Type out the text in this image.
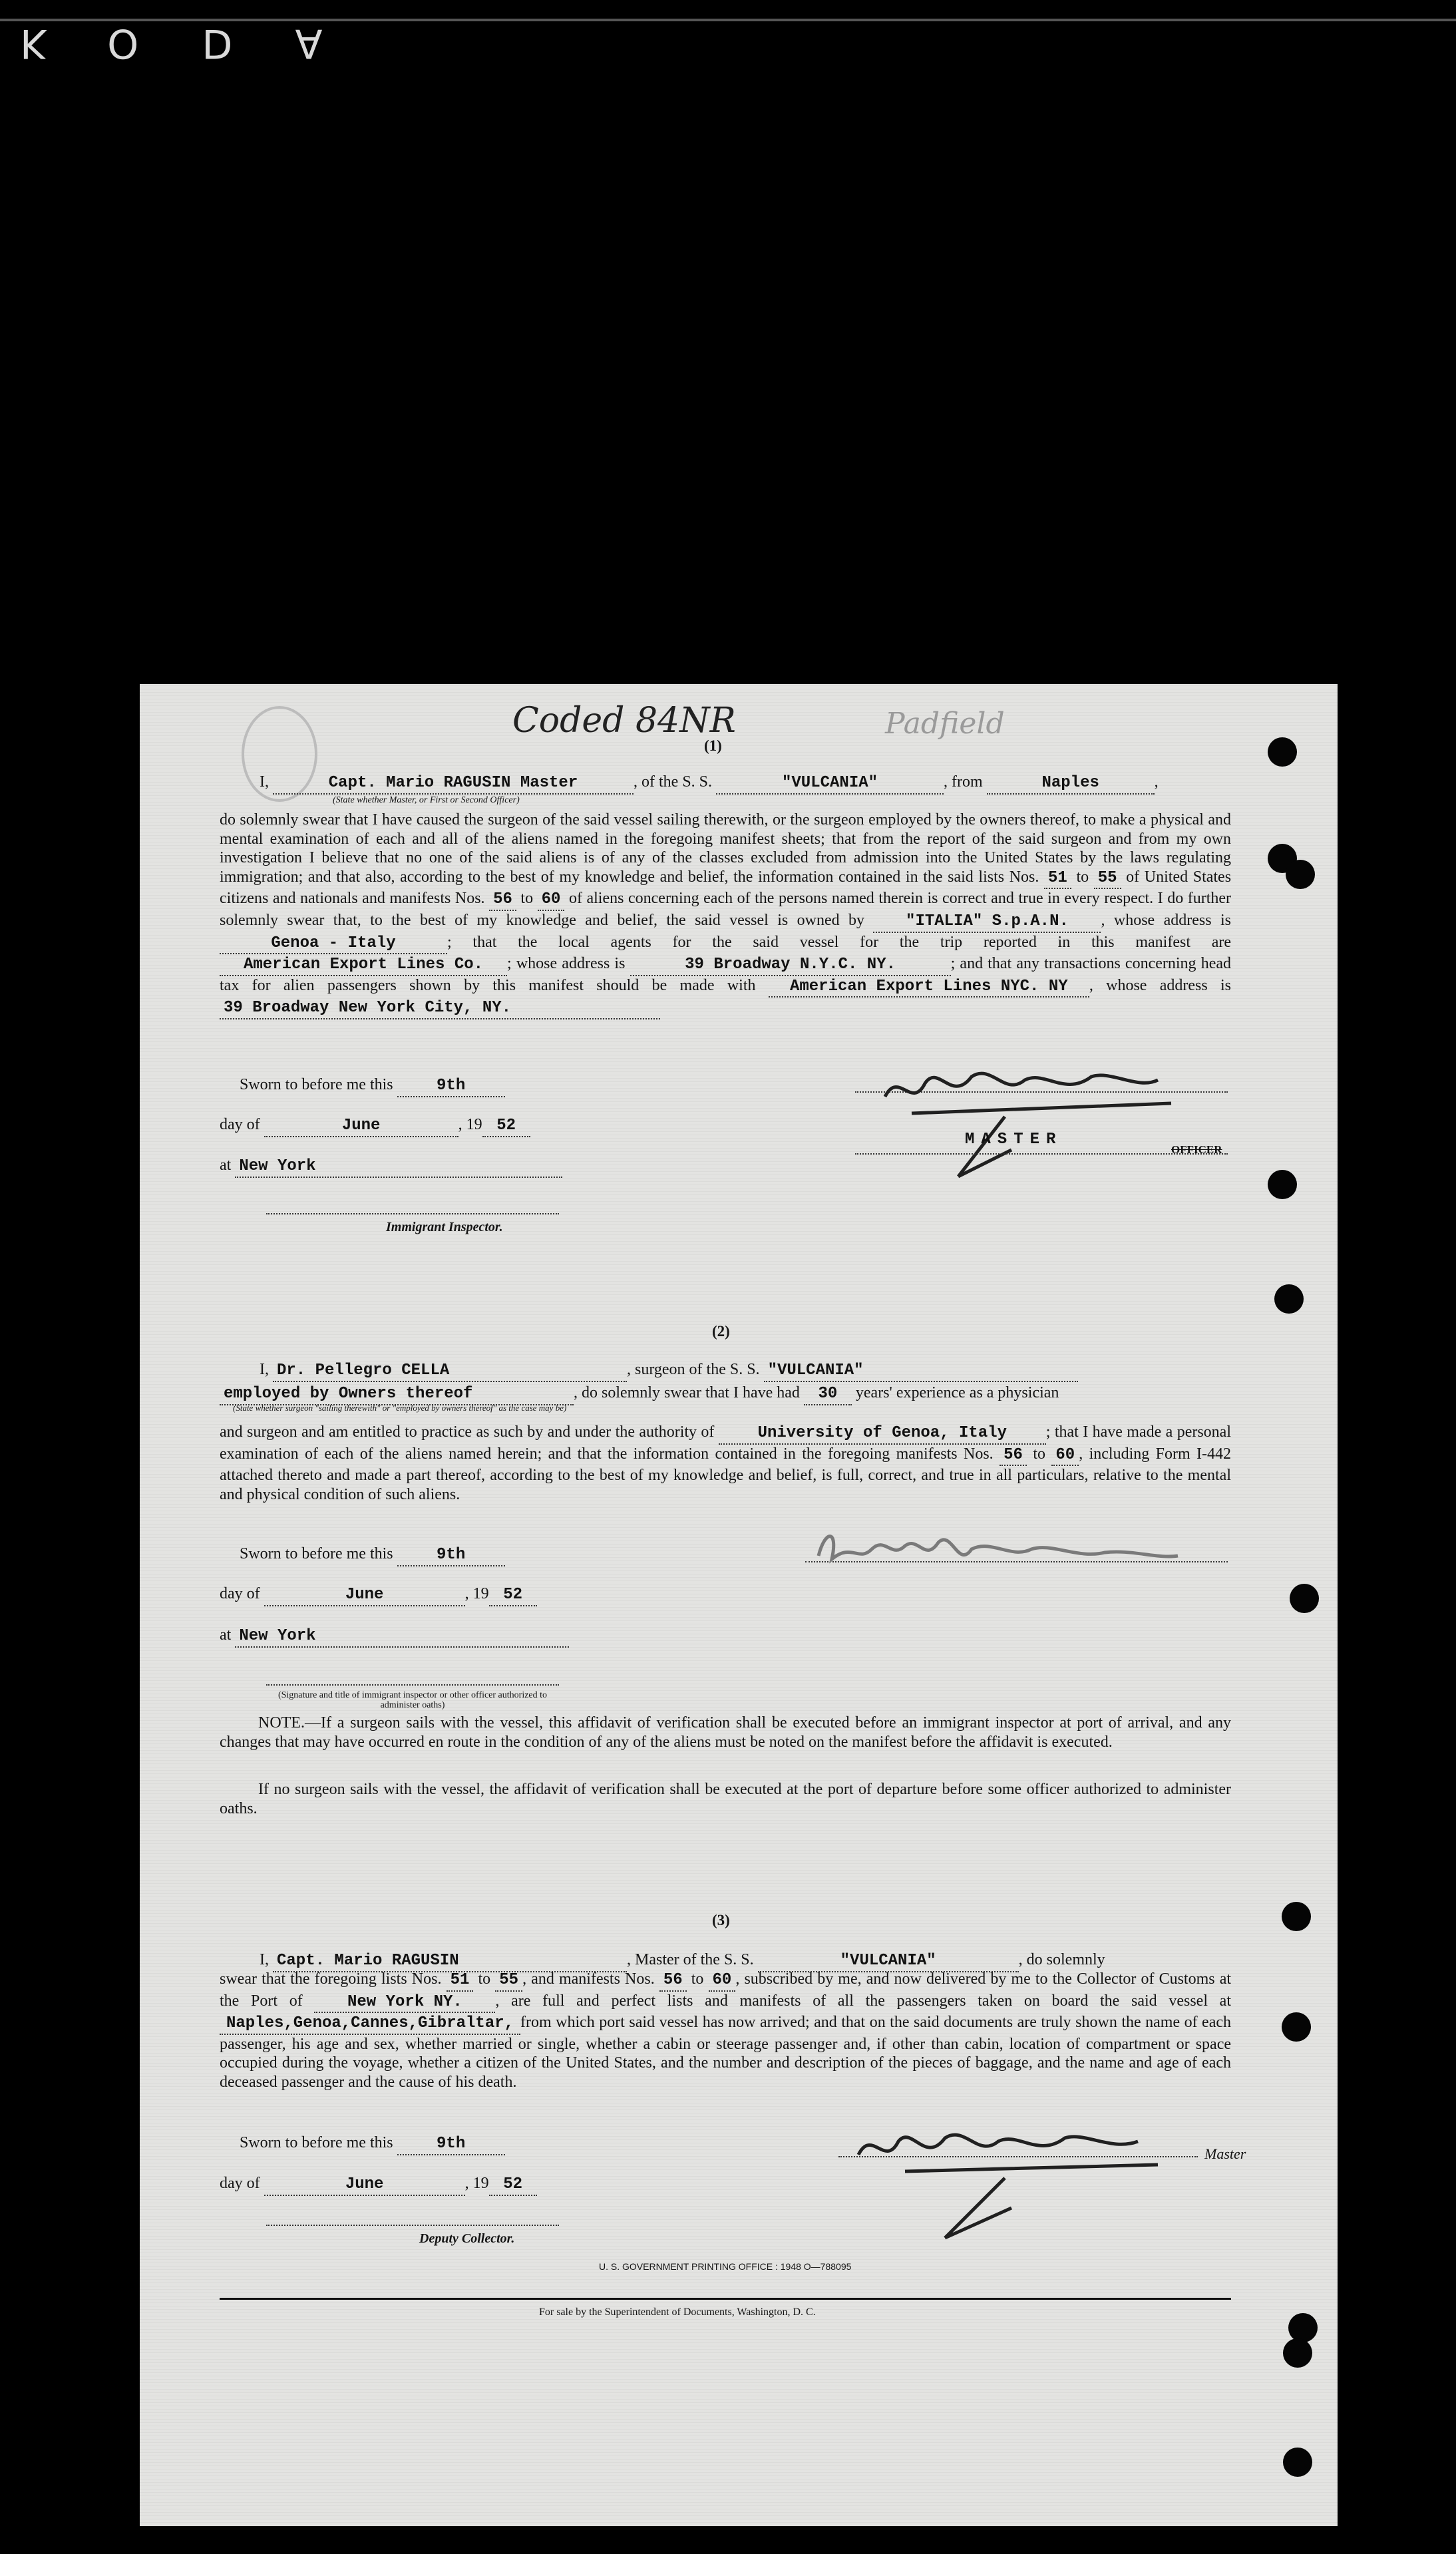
KODA
Coded 84NR	Padfield
(1)
I,	Capt. Mario RAGUSIN Master	, of the S. S.	"VULCANIA"	, from	Naples	,
(State whether Master, or First or Second Officer)
do solemnly swear that I have caused the surgeon of the said vessel sailing therewith, or the surgeon employed by the owners thereof, to make a physical and mental examination of each and all of the aliens named in the foregoing manifest sheets; that from the report of the said surgeon and from my own investigation I believe that no one of the said aliens is of any of the classes excluded from admission into the United States by the laws regulating immigration; and that also, according to the best of my knowledge and belief, the information contained in the said lists Nos. 51 to 55 of United States citizens and nationals and manifests Nos. 56 to 60 of aliens concerning each of the persons named therein is correct and true in every respect. I do further solemnly swear that, to the best of my knowledge and belief, the said vessel is owned by	"ITALIA" S.p.A.N. , whose address is Genoa - Italy	; that the local agents for the said vessel for the trip reported in this manifest are American Export Lines Co. ; whose address is	39 Broadway N.Y.C. NY.	; and that any transactions concerning head tax for alien passengers shown by this manifest should be made with American Export Lines NYC. NY , whose address is 39 Broadway New York City, NY.
Sworn to before me this	9th
day of	June	, 19 52
at New York
Immigrant Inspector.
MASTER
OFFICER
(2)
I, Dr. Pellegro CELLA	, surgeon of the S. S. "VULCANIA"
employed by Owners thereof	, do solemnly swear that I have had 30 years' experience as a physician
(State whether surgeon "sailing therewith" or "employed by owners thereof" as the case may be)
and surgeon and am entitled to practice as such by and under the authority of	University of Genoa, Italy ; that I have made a personal examination of each of the aliens named herein; and that the information contained in the foregoing manifests Nos. 56 to 60 , including Form I-442 attached thereto and made a part thereof, according to the best of my knowledge and belief, is full, correct, and true in all particulars, relative to the mental and physical condition of such aliens.
Sworn to before me this	9th
day of	June	, 19 52
at New York
(Signature and title of immigrant inspector or other officer authorized to administer oaths)
NOTE.—If a surgeon sails with the vessel, this affidavit of verification shall be executed before an immigrant inspector at port of arrival, and any changes that may have occurred en route in the condition of any of the aliens must be noted on the manifest before the affidavit is executed.
If no surgeon sails with the vessel, the affidavit of verification shall be executed at the port of departure before some officer authorized to administer oaths.
(3)
I, Capt. Mario RAGUSIN	, Master of the S. S.	"VULCANIA"	, do solemnly
swear that the foregoing lists Nos. 51 to 55 , and manifests Nos. 56 to 60 , subscribed by me, and now delivered by me to the Collector of Customs at the Port of	New York NY. , are full and perfect lists and manifests of all the passengers taken on board the said vessel at Naples,Genoa,Cannes,Gibraltar, from which port said vessel has now arrived; and that on the said documents are truly shown the name of each passenger, his age and sex, whether married or single, whether a cabin or steerage passenger and, if other than cabin, location of compartment or space occupied during the voyage, whether a citizen of the United States, and the number and description of the pieces of baggage, and the name and age of each deceased passenger and the cause of his death.
Sworn to before me this	9th
day of	June	, 19 52
Deputy Collector.
Master
U. S. GOVERNMENT PRINTING OFFICE : 1948 O—788095
For sale by the Superintendent of Documents, Washington, D. C.
